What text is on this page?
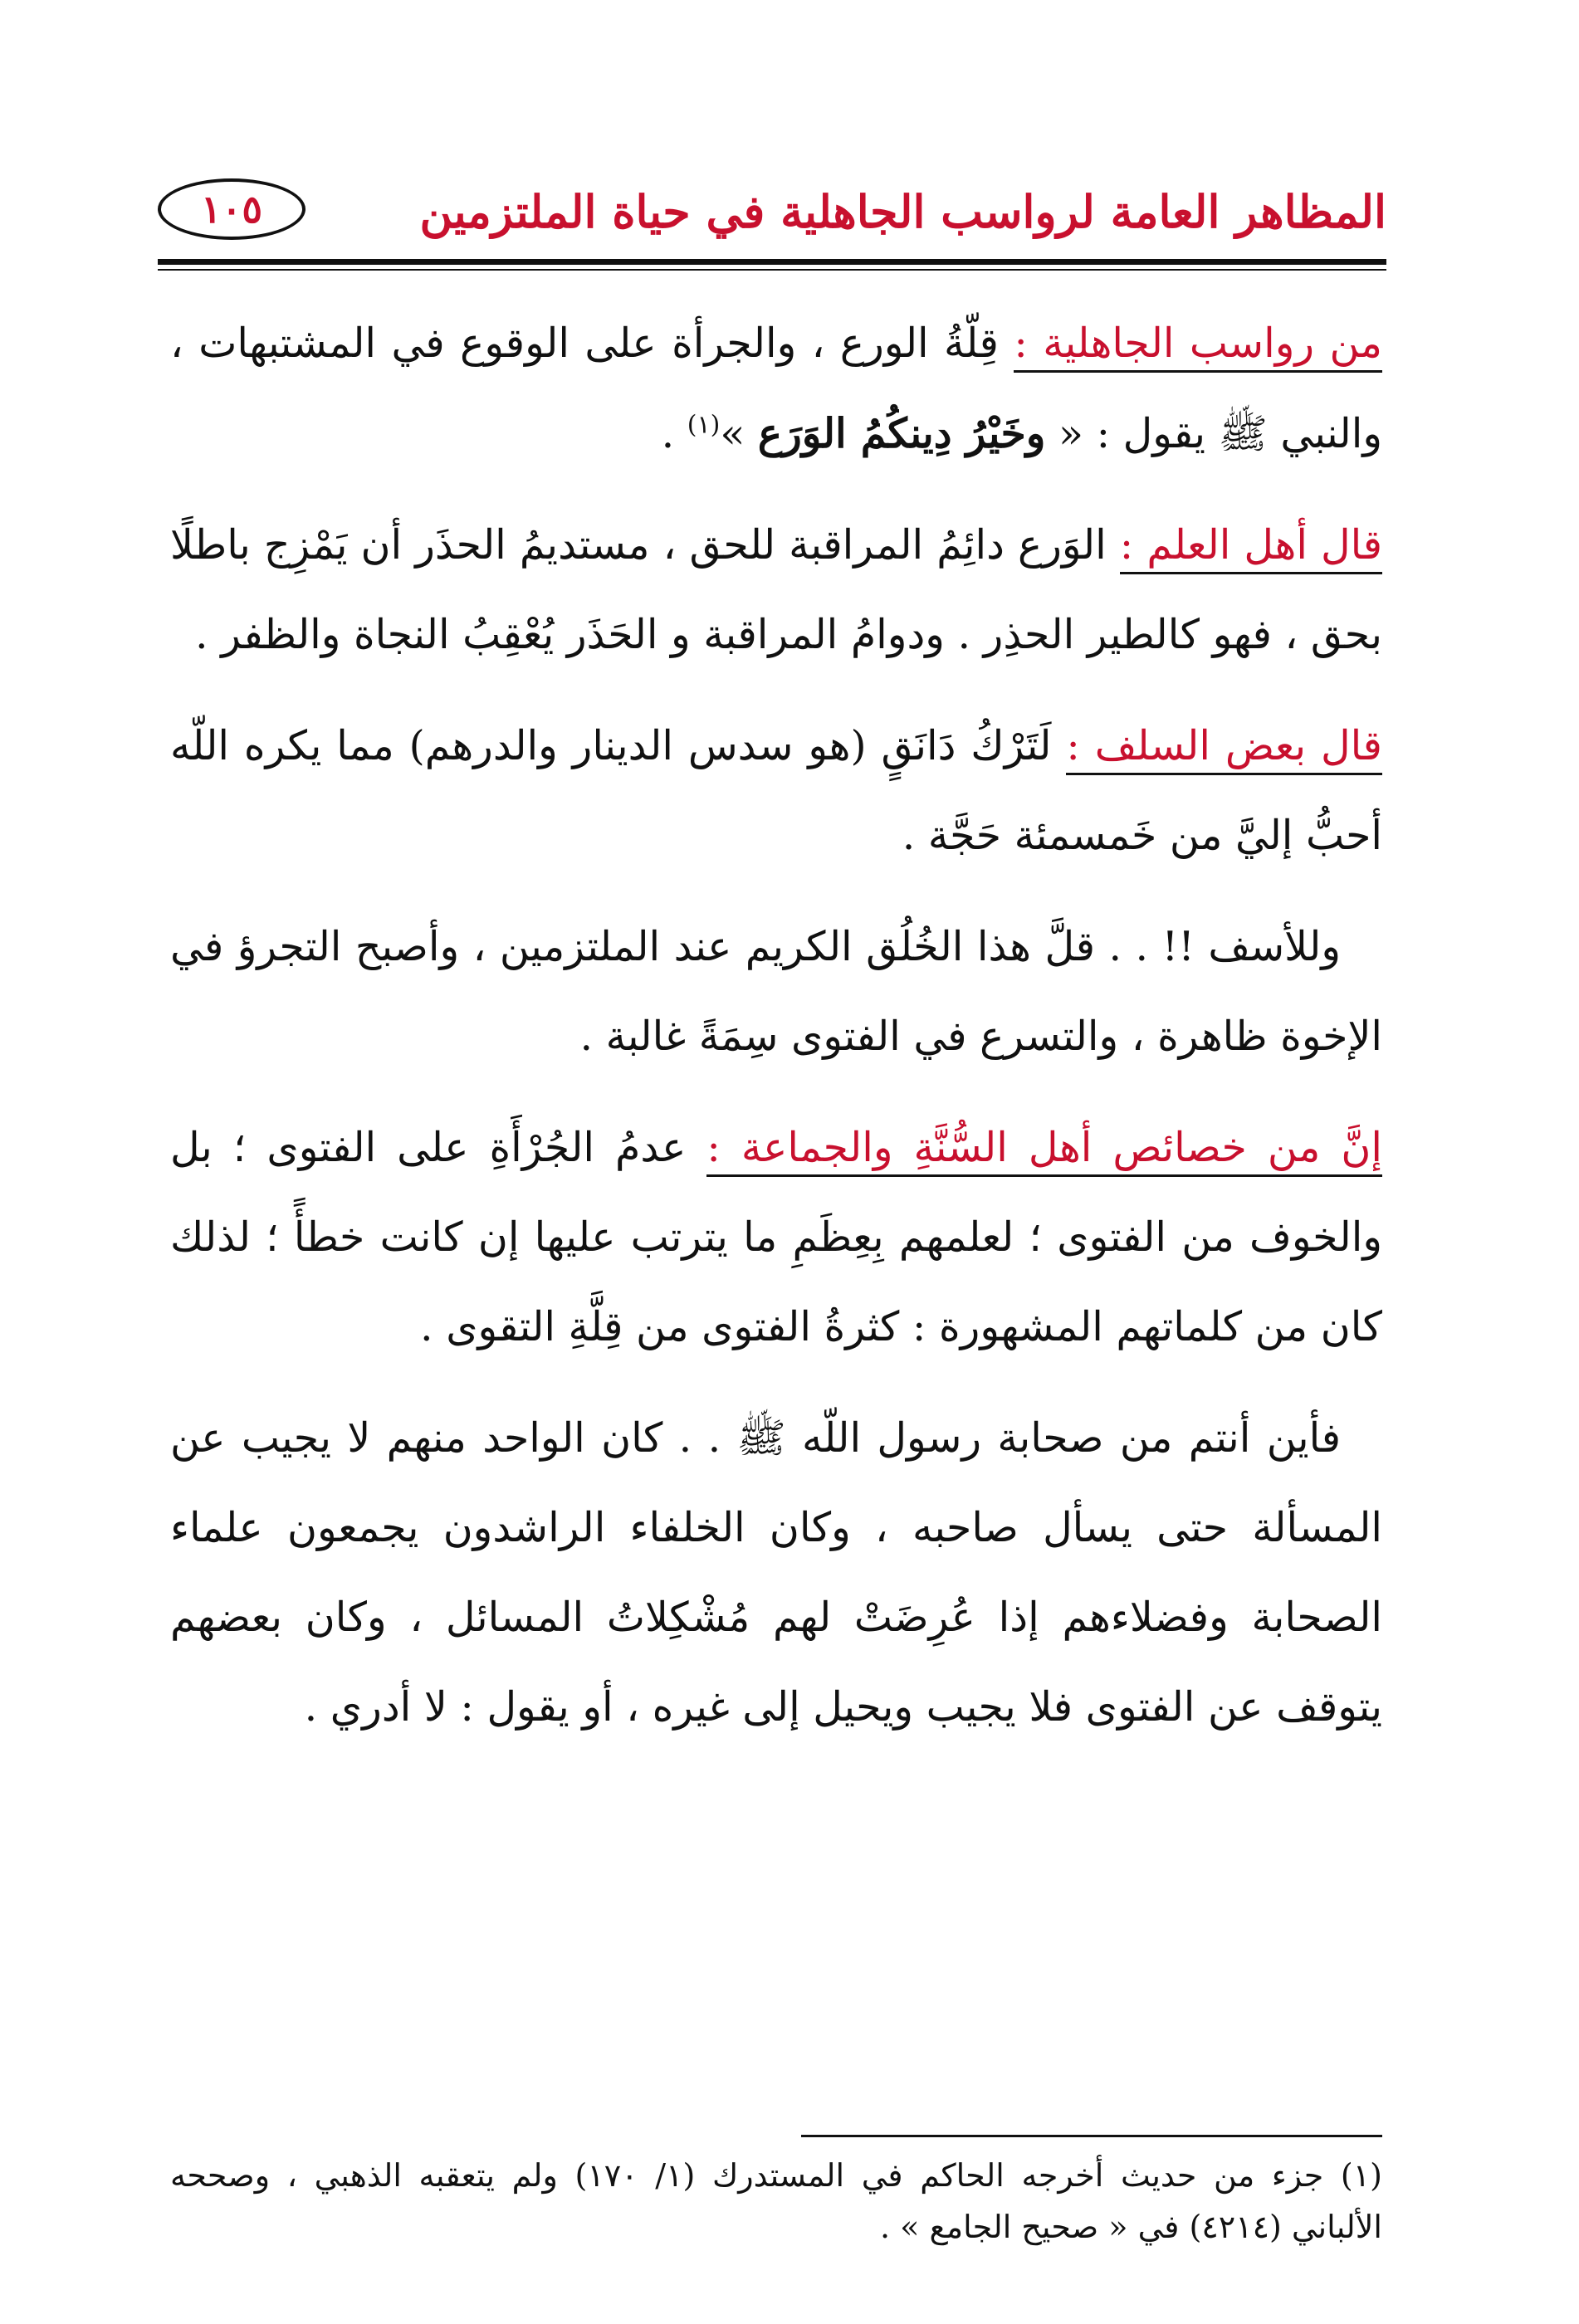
المظاهر العامة لرواسب الجاهلية في حياة الملتزمين
١٠٥

من رواسب الجاهلية : قِلّةُ الورع ، والجرأة على الوقوع في المشتبهات ، والنبي ﷺ يقول : « وخَيْرُ دِينكُمُ الوَرَع »$^{(١)}$ .

قال أهل العلم : الوَرع دائِمُ المراقبة للحق ، مستديمُ الحذَر أن يَمْزِج باطلًا بحق ، فهو كالطير الحذِر . ودوامُ المراقبة و الحَذَر يُعْقِبُ النجاة والظفر .

قال بعض السلف : لَتَرْكُ دَانَقٍ (هو سدس الدينار والدرهم) مما يكره اللّه أحبُّ إليَّ من خَمسمئة حَجَّة .

وللأسف !! . . قلَّ هذا الخُلُق الكريم عند الملتزمين ، وأصبح التجرؤ في الإخوة ظاهرة ، والتسرع في الفتوى سِمَةً غالبة .

إنَّ من خصائص أهل السُّنَّةِ والجماعة : عدمُ الجُرْأَةِ على الفتوى ؛ بل والخوف من الفتوى ؛ لعلمهم بِعِظَمِ ما يترتب عليها إن كانت خطأً ؛ لذلك كان من كلماتهم المشهورة : كثرةُ الفتوى من قِلَّةِ التقوى .

فأين أنتم من صحابة رسول اللّه ﷺ . . كان الواحد منهم لا يجيب عن المسألة حتى يسأل صاحبه ، وكان الخلفاء الراشدون يجمعون علماء الصحابة وفضلاءهم إذا عُرِضَتْ لهم مُشْكِلاتُ المسائل ، وكان بعضهم يتوقف عن الفتوى فلا يجيب ويحيل إلى غيره ، أو يقول : لا أدري .

(١) جزء من حديث أخرجه الحاكم في المستدرك (١/ ١٧٠) ولم يتعقبه الذهبي ، وصححه الألباني (٤٢١٤) في « صحيح الجامع » .
